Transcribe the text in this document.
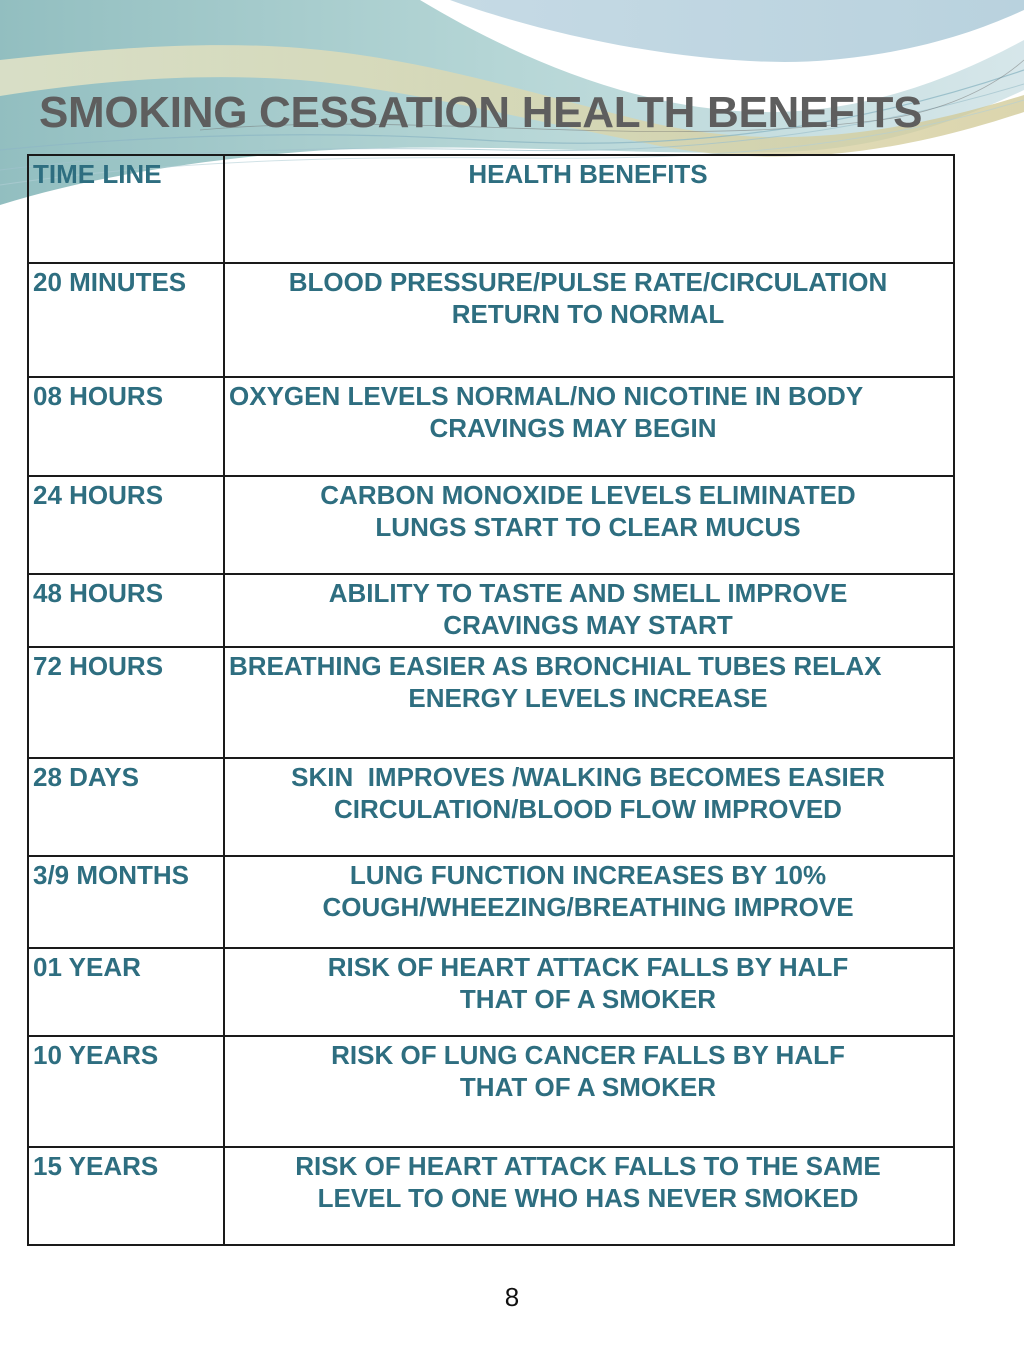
SMOKING CESSATION HEALTH BENEFITS
TIME LINE	HEALTH BENEFITS

20 MINUTES	BLOOD PRESSURE/PULSE RATE/CIRCULATION
RETURN TO NORMAL

08 HOURS	OXYGEN LEVELS NORMAL/NO NICOTINE IN BODY
CRAVINGS MAY BEGIN

24 HOURS	CARBON MONOXIDE LEVELS ELIMINATED
LUNGS START TO CLEAR MUCUS

48 HOURS	ABILITY TO TASTE AND SMELL IMPROVE
CRAVINGS MAY START

72 HOURS	BREATHING EASIER AS BRONCHIAL TUBES RELAX
ENERGY LEVELS INCREASE

28 DAYS	SKIN  IMPROVES /WALKING BECOMES EASIER
CIRCULATION/BLOOD FLOW IMPROVED

3/9 MONTHS	LUNG FUNCTION INCREASES BY 10%
COUGH/WHEEZING/BREATHING IMPROVE

01 YEAR	RISK OF HEART ATTACK FALLS BY HALF
THAT OF A SMOKER

10 YEARS	RISK OF LUNG CANCER FALLS BY HALF
THAT OF A SMOKER

15 YEARS	RISK OF HEART ATTACK FALLS TO THE SAME
LEVEL TO ONE WHO HAS NEVER SMOKED
8
